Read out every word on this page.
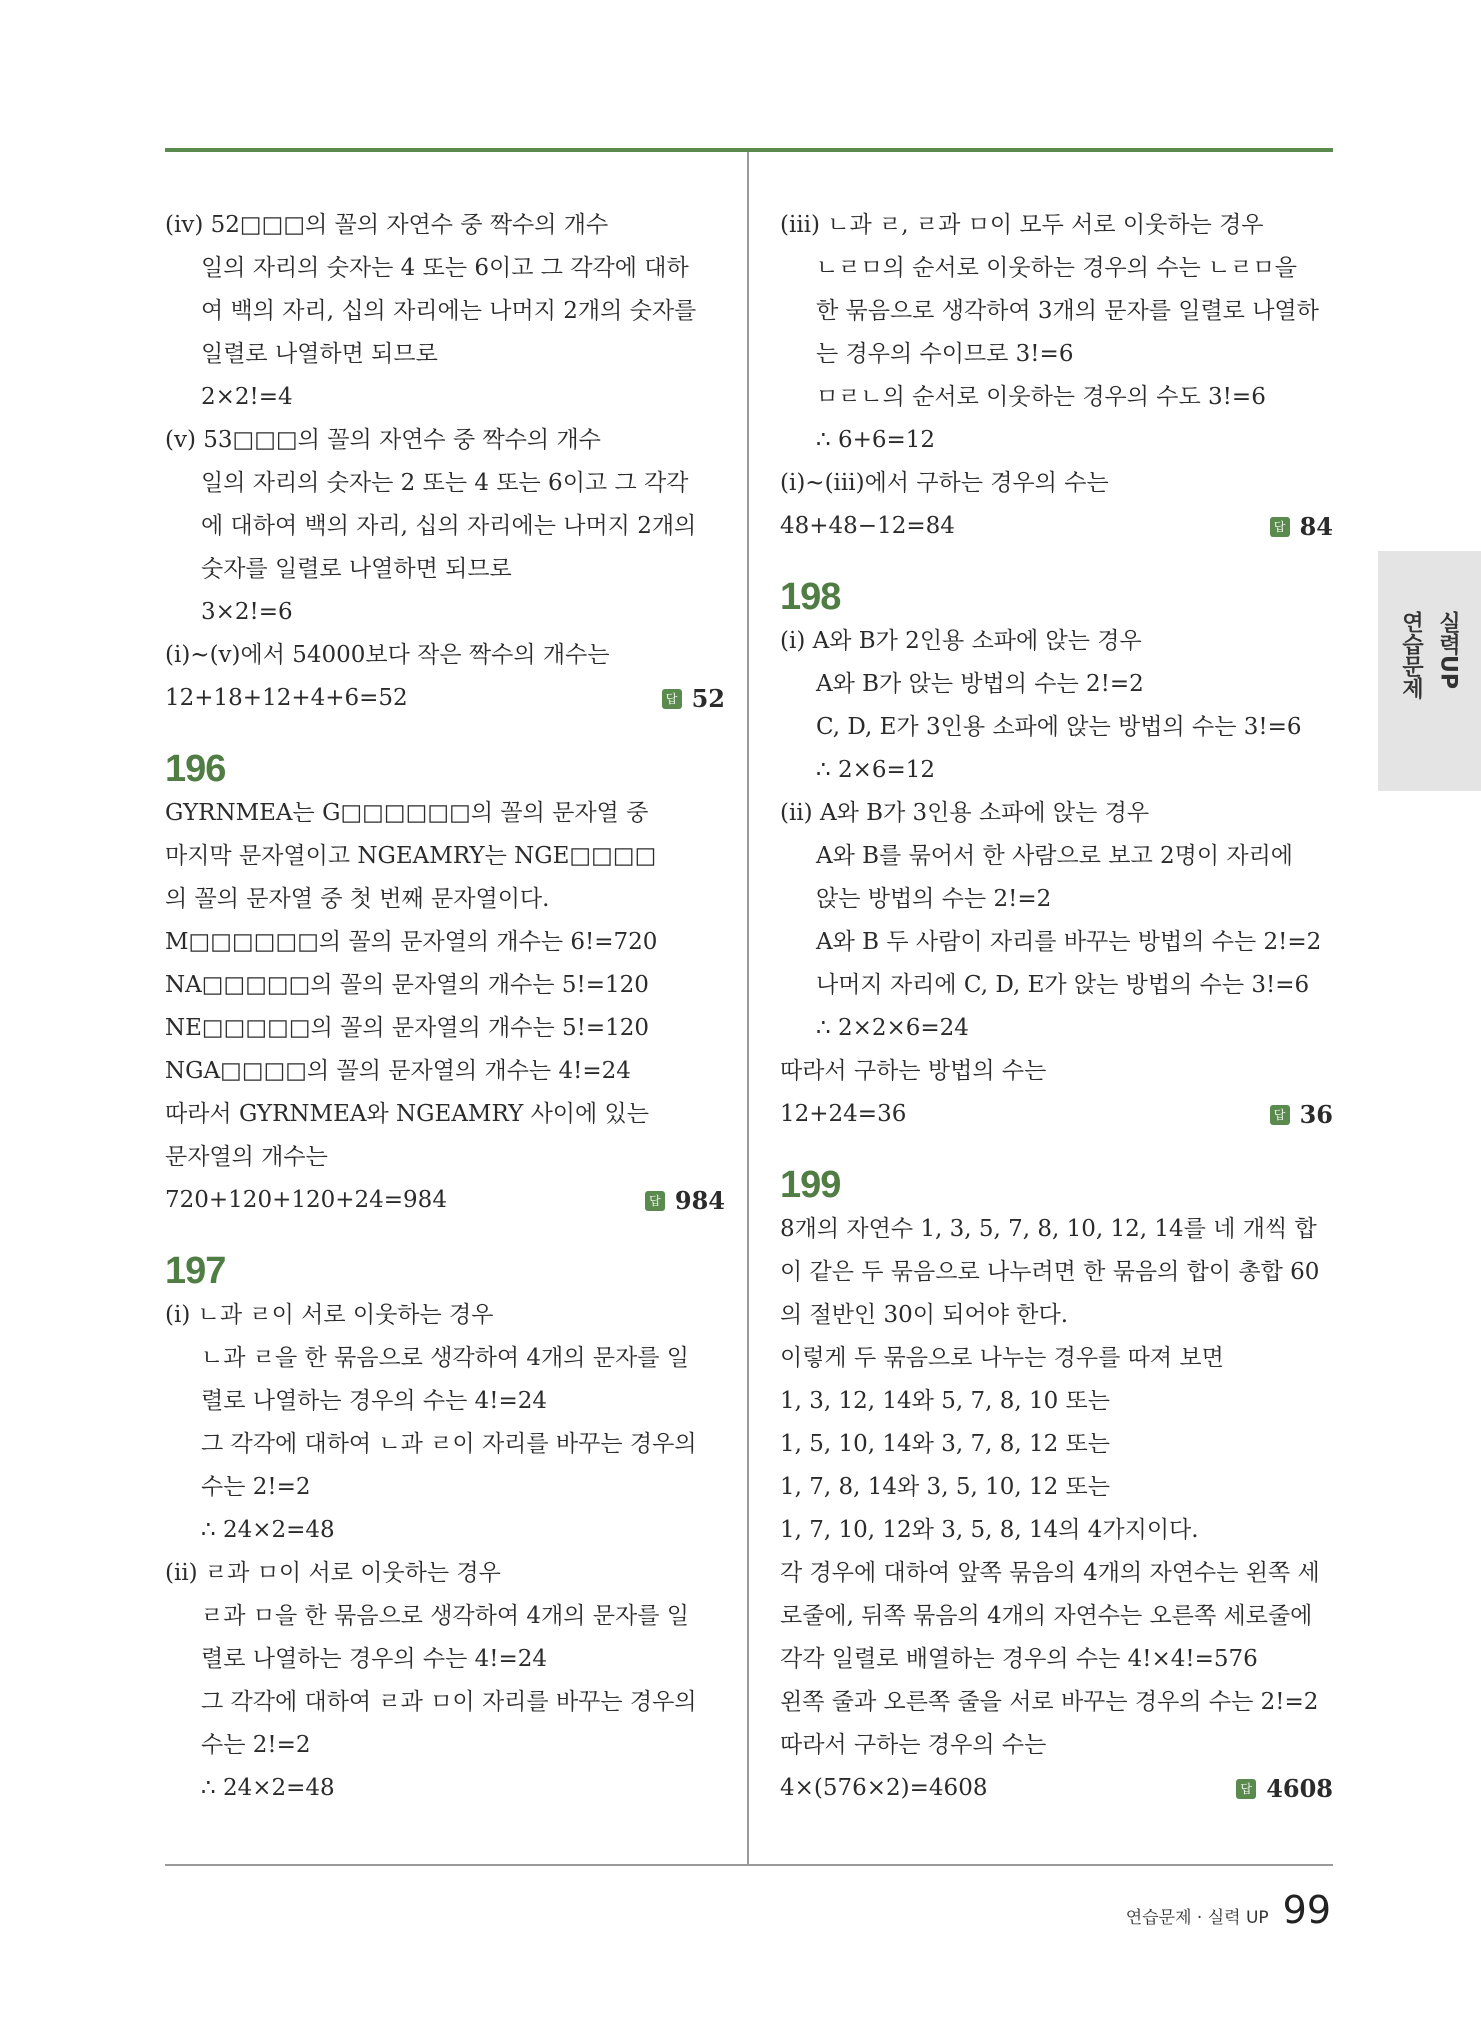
(ⅳ) 52□□□의 꼴의 자연수 중 짝수의 개수
일의 자리의 숫자는 4 또는 6이고 그 각각에 대하
여 백의 자리, 십의 자리에는 나머지 2개의 숫자를
일렬로 나열하면 되므로
2×2!=4
(ⅴ) 53□□□의 꼴의 자연수 중 짝수의 개수
일의 자리의 숫자는 2 또는 4 또는 6이고 그 각각
에 대하여 백의 자리, 십의 자리에는 나머지 2개의
숫자를 일렬로 나열하면 되므로
3×2!=6
(ⅰ)~(ⅴ)에서 54000보다 작은 짝수의 개수는
12+18+12+4+6=52	답 52
196
GYRNMEA는 G□□□□□□의 꼴의 문자열 중
마지막 문자열이고 NGEAMRY는 NGE□□□□
의 꼴의 문자열 중 첫 번째 문자열이다.
M□□□□□□의 꼴의 문자열의 개수는 6!=720
NA□□□□□의 꼴의 문자열의 개수는 5!=120
NE□□□□□의 꼴의 문자열의 개수는 5!=120
NGA□□□□의 꼴의 문자열의 개수는 4!=24
따라서 GYRNMEA와 NGEAMRY 사이에 있는
문자열의 개수는
720+120+120+24=984	답 984
197
(ⅰ) ㄴ과 ㄹ이 서로 이웃하는 경우
ㄴ과 ㄹ을 한 묶음으로 생각하여 4개의 문자를 일
렬로 나열하는 경우의 수는 4!=24
그 각각에 대하여 ㄴ과 ㄹ이 자리를 바꾸는 경우의
수는 2!=2
∴ 24×2=48
(ⅱ) ㄹ과 ㅁ이 서로 이웃하는 경우
ㄹ과 ㅁ을 한 묶음으로 생각하여 4개의 문자를 일
렬로 나열하는 경우의 수는 4!=24
그 각각에 대하여 ㄹ과 ㅁ이 자리를 바꾸는 경우의
수는 2!=2
∴ 24×2=48
(ⅲ) ㄴ과 ㄹ, ㄹ과 ㅁ이 모두 서로 이웃하는 경우
ㄴㄹㅁ의 순서로 이웃하는 경우의 수는 ㄴㄹㅁ을
한 묶음으로 생각하여 3개의 문자를 일렬로 나열하
는 경우의 수이므로 3!=6
ㅁㄹㄴ의 순서로 이웃하는 경우의 수도 3!=6
∴ 6+6=12
(ⅰ)~(ⅲ)에서 구하는 경우의 수는
48+48−12=84	답 84
198
(ⅰ) A와 B가 2인용 소파에 앉는 경우
A와 B가 앉는 방법의 수는 2!=2
C, D, E가 3인용 소파에 앉는 방법의 수는 3!=6
∴ 2×6=12
(ⅱ) A와 B가 3인용 소파에 앉는 경우
A와 B를 묶어서 한 사람으로 보고 2명이 자리에
앉는 방법의 수는 2!=2
A와 B 두 사람이 자리를 바꾸는 방법의 수는 2!=2
나머지 자리에 C, D, E가 앉는 방법의 수는 3!=6
∴ 2×2×6=24
따라서 구하는 방법의 수는
12+24=36	답 36
199
8개의 자연수 1, 3, 5, 7, 8, 10, 12, 14를 네 개씩 합
이 같은 두 묶음으로 나누려면 한 묶음의 합이 총합 60
의 절반인 30이 되어야 한다.
이렇게 두 묶음으로 나누는 경우를 따져 보면
1, 3, 12, 14와 5, 7, 8, 10 또는
1, 5, 10, 14와 3, 7, 8, 12 또는
1, 7, 8, 14와 3, 5, 10, 12 또는
1, 7, 10, 12와 3, 5, 8, 14의 4가지이다.
각 경우에 대하여 앞쪽 묶음의 4개의 자연수는 왼쪽 세
로줄에, 뒤쪽 묶음의 4개의 자연수는 오른쪽 세로줄에
각각 일렬로 배열하는 경우의 수는 4!×4!=576
왼쪽 줄과 오른쪽 줄을 서로 바꾸는 경우의 수는 2!=2
따라서 구하는 경우의 수는
4×(576×2)=4608	답 4608
실력UP
연습문제
연습문제 · 실력 UP 99
